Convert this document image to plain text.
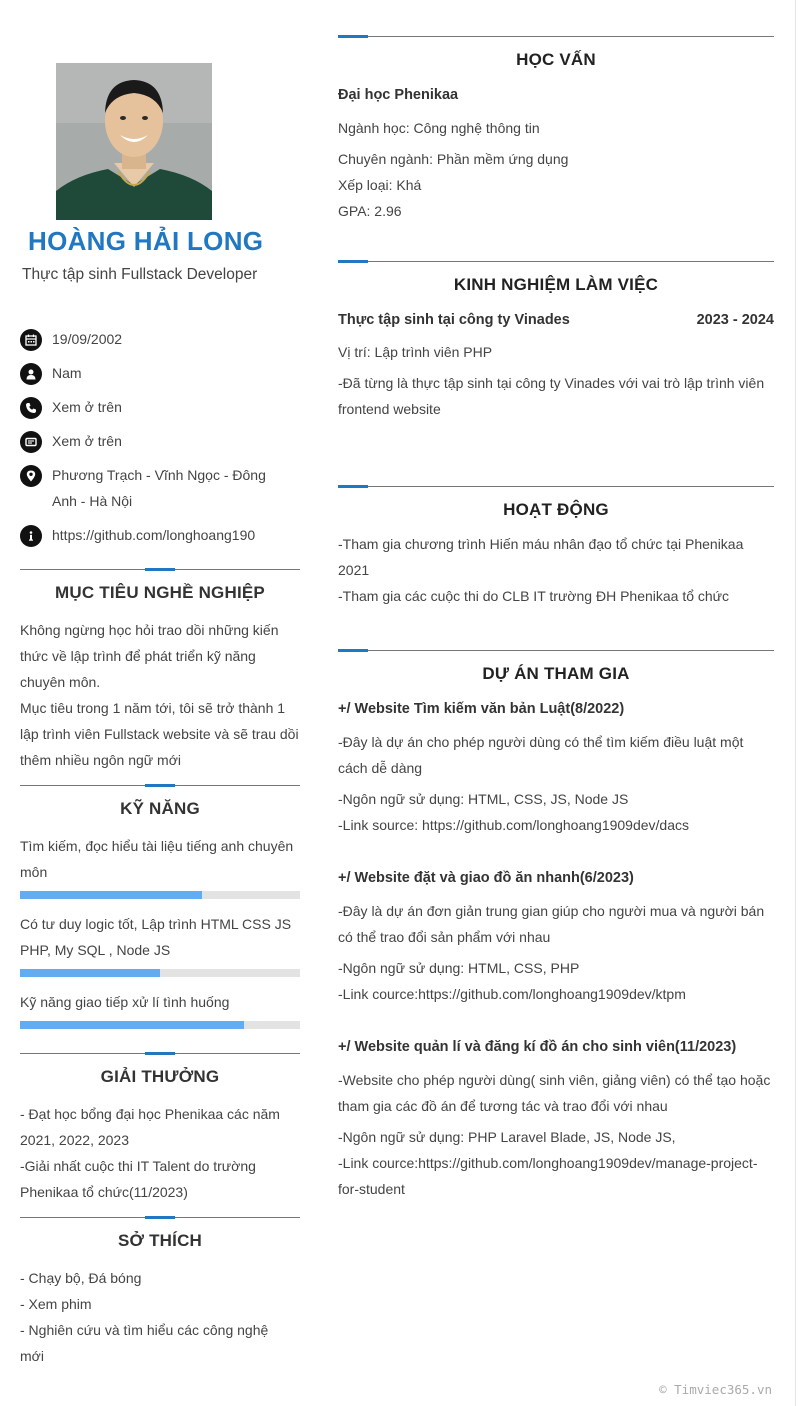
HOÀNG HẢI LONG
Thực tập sinh Fullstack Developer
19/09/2002
Nam
Xem ở trên
Xem ở trên
Phương Trạch - Vĩnh Ngọc - Đông Anh - Hà Nội
https://github.com/longhoang190
MỤC TIÊU NGHỀ NGHIỆP
Không ngừng học hỏi trao dồi những kiến thức về lập trình để phát triển kỹ năng chuyên môn.
Mục tiêu trong 1 năm tới, tôi sẽ trở thành 1 lập trình viên Fullstack website và sẽ trau dồi thêm nhiều ngôn ngữ mới
KỸ NĂNG
Tìm kiếm, đọc hiểu tài liệu tiếng anh chuyên môn
Có tư duy logic tốt, Lập trình HTML CSS JS PHP, My SQL , Node JS
Kỹ năng giao tiếp xử lí tình huống
GIẢI THƯỞNG
- Đạt học bổng đại học Phenikaa các năm 2021, 2022, 2023
-Giải nhất cuộc thi IT Talent do trường Phenikaa tổ chức(11/2023)
SỞ THÍCH
- Chạy bộ, Đá bóng
- Xem phim
- Nghiên cứu và tìm hiểu các công nghệ mới
HỌC VẤN
Đại học Phenikaa
Ngành học: Công nghệ thông tin
Chuyên ngành: Phần mềm ứng dụng
Xếp loại: Khá
GPA: 2.96
KINH NGHIỆM LÀM VIỆC
Thực tập sinh tại công ty Vinades	2023 - 2024
Vị trí: Lập trình viên PHP
-Đã từng là thực tập sinh tại công ty Vinades với vai trò lập trình viên frontend website
HOẠT ĐỘNG
-Tham gia chương trình Hiến máu nhân đạo tổ chức tại Phenikaa 2021
-Tham gia các cuộc thi do CLB IT trường ĐH Phenikaa tổ chức
DỰ ÁN THAM GIA
+/ Website Tìm kiếm văn bản Luật(8/2022)
-Đây là dự án cho phép người dùng có thể tìm kiếm điều luật một cách dễ dàng
-Ngôn ngữ sử dụng: HTML, CSS, JS, Node JS
-Link source: https://github.com/longhoang1909dev/dacs
+/ Website đặt và giao đồ ăn nhanh(6/2023)
-Đây là dự án đơn giản trung gian giúp cho người mua và người bán có thể trao đổi sản phẩm với nhau
-Ngôn ngữ sử dụng: HTML, CSS, PHP
-Link cource:https://github.com/longhoang1909dev/ktpm
+/ Website quản lí và đăng kí đồ án cho sinh viên(11/2023)
-Website cho phép người dùng( sinh viên, giảng viên) có thể tạo hoặc tham gia các đồ án để tương tác và trao đổi với nhau
-Ngôn ngữ sử dụng: PHP Laravel Blade, JS, Node JS,
-Link cource:https://github.com/longhoang1909dev/manage-project-for-student
© Timviec365.vn
